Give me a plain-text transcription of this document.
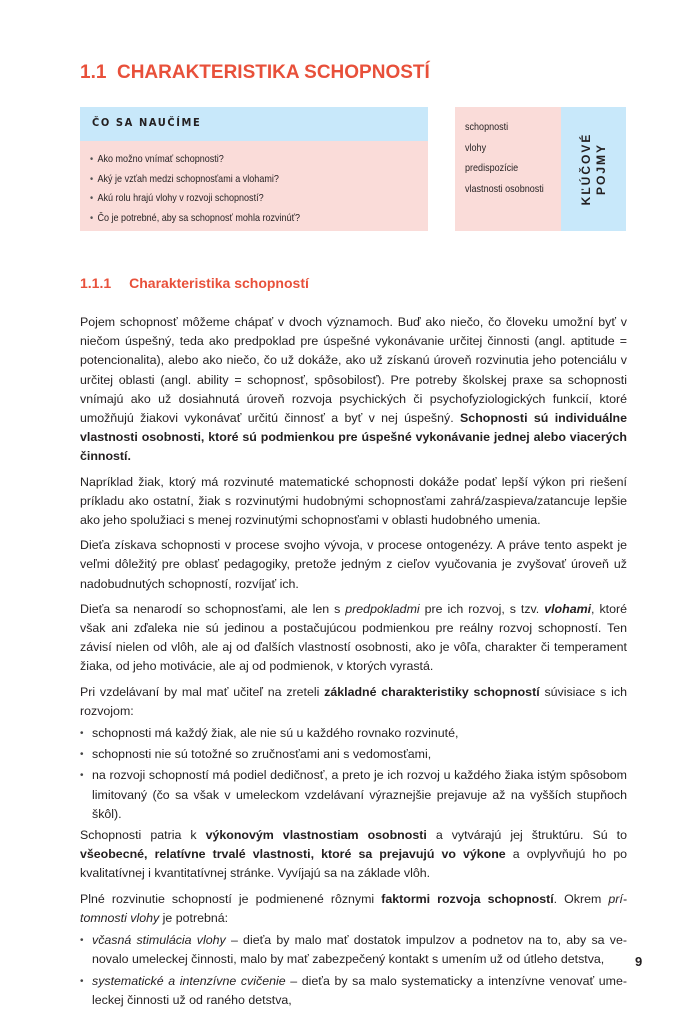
1.1 CHARAKTERISTIKA SCHOPNOSTÍ
ČO SA NAUČÍME
• Ako možno vnímať schopnosti?
• Aký je vzťah medzi schopnosťami a vlohami?
• Akú rolu hrajú vlohy v rozvoji schopností?
• Čo je potrebné, aby sa schopnosť mohla rozvinúť?
schopnosti
vlohy
predispozície
vlastnosti osobnosti	KĽÚČOVÉ POJMY
1.1.1 Charakteristika schopností

Pojem schopnosť môžeme chápať v dvoch významoch. Buď ako niečo, čo človeku umožní byť v niečom úspešný, teda ako predpoklad pre úspešné vykonávanie určitej činnosti (angl. aptitude = potencionalita), alebo ako niečo, čo už dokáže, ako už získanú úroveň rozvinutia jeho potenciálu v určitej oblasti (angl. ability = schopnosť, spôsobilosť). Pre potreby školskej praxe sa schopnosti vnímajú ako už dosiahnutá úroveň rozvoja psychických či psychofyziologických funkcií, ktoré umožňujú žiakovi vykonávať určitú činnosť a byť v nej úspešný. Schopnosti sú individuálne vlastnosti osobnosti, ktoré sú podmienkou pre úspešné vykonávanie jednej alebo viacerých činností.

Napríklad žiak, ktorý má rozvinuté matematické schopnosti dokáže podať lepší výkon pri riešení príkladu ako ostatní, žiak s rozvinutými hudobnými schopnosťami zahrá/zaspieva/zatancuje lepšie ako jeho spolužiaci s menej rozvinutými schopnosťami v oblasti hudobného umenia.

Dieťa získava schopnosti v procese svojho vývoja, v procese ontogenézy. A práve tento aspekt je veľmi dôležitý pre oblasť pedagogiky, pretože jedným z cieľov vyučovania je zvyšovať úroveň už nadobudnutých schopností, rozvíjať ich.

Dieťa sa nenarodí so schopnosťami, ale len s predpokladmi pre ich rozvoj, s tzv. vlohami, ktoré však ani zďaleka nie sú jedinou a postačujúcou podmienkou pre reálny rozvoj schopností. Ten závisí nielen od vlôh, ale aj od ďalších vlastností osobnosti, ako je vôľa, charakter či temperament žiaka, od jeho motivácie, ale aj od podmienok, v ktorých vyrastá.

Pri vzdelávaní by mal mať učiteľ na zreteli základné charakteristiky schopností súvisiace s ich rozvojom:

• schopnosti má každý žiak, ale nie sú u každého rovnako rozvinuté,
• schopnosti nie sú totožné so zručnosťami ani s vedomosťami,
• na rozvoji schopností má podiel dedičnosť, a preto je ich rozvoj u každého žiaka istým spôsobom limitovaný (čo sa však v umeleckom vzdelávaní výraznejšie prejavuje až na vyšších stupňoch škôl).

Schopnosti patria k výkonovým vlastnostiam osobnosti a vytvárajú jej štruktúru. Sú to všeobecné, relatívne trvalé vlastnosti, ktoré sa prejavujú vo výkone a ovplyvňujú ho po kvalitatívnej i kvantitatívnej stránke. Vyvíjajú sa na základe vlôh.

Plné rozvinutie schopností je podmienené rôznymi faktormi rozvoja schopností. Okrem prítomnosti vlohy je potrebná:

• včasná stimulácia vlohy – dieťa by malo mať dostatok impulzov a podnetov na to, aby sa venovalo umeleckej činnosti, malo by mať zabezpečený kontakt s umením už od útleho detstva,
• systematické a intenzívne cvičenie – dieťa by sa malo systematicky a intenzívne venovať umeleckej činnosti už od raného detstva,
9
